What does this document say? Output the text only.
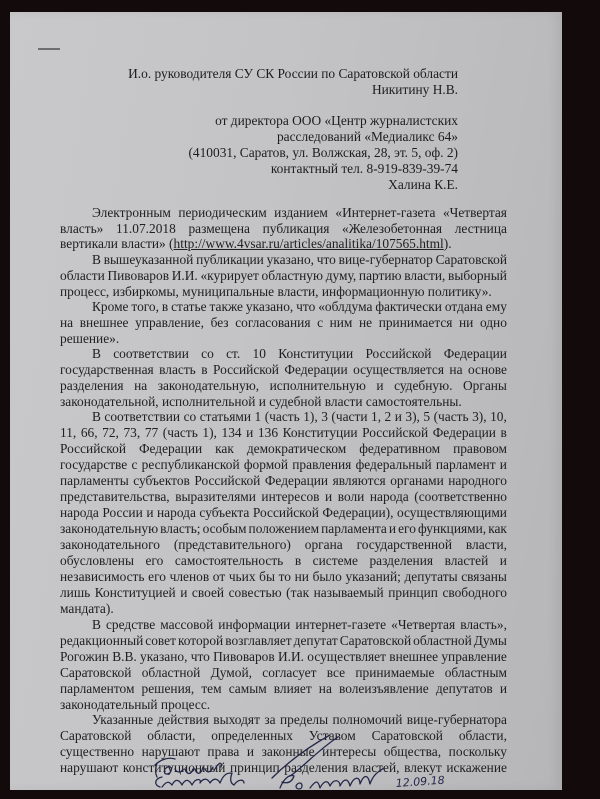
И.о. руководителя СУ СК России по Саратовской области
Никитину Н.В.
от директора ООО «Центр журналистских
расследований «Медиаликс 64»
(410031, Саратов, ул. Волжская, 28, эт. 5, оф. 2)
контактный тел. 8-919-839-39-74
Халина К.Е.
Электронным периодическим изданием «Интернет-газета «Четвертая
власть» 11.07.2018 размещена публикация «Железобетонная лестница
В вышеуказанной публикации указано, что вице-губернатор Саратовской
области Пивоваров И.И. «курирует областную думу, партию власти, выборный
процесс, избиркомы, муниципальные власти, информационную политику».
Кроме того, в статье также указано, что «облдума фактически отдана ему
на внешнее управление, без согласования с ним не принимается ни одно
решение».
В соответствии со ст. 10 Конституции Российской Федерации
государственная власть в Российской Федерации осуществляется на основе
разделения на законодательную, исполнительную и судебную. Органы
законодательной, исполнительной и судебной власти самостоятельны.
В соответствии со статьями 1 (часть 1), 3 (части 1, 2 и 3), 5 (часть 3), 10,
11, 66, 72, 73, 77 (часть 1), 134 и 136 Конституции Российской Федерации в
Российской Федерации как демократическом федеративном правовом
государстве с республиканской формой правления федеральный парламент и
парламенты субъектов Российской Федерации являются органами народного
представительства, выразителями интересов и воли народа (соответственно
народа России и народа субъекта Российской Федерации), осуществляющими
законодательную власть; особым положением парламента и его функциями, как
законодательного (представительного) органа государственной власти,
обусловлены его самостоятельность в системе разделения властей и
независимость его членов от чьих бы то ни было указаний; депутаты связаны
лишь Конституцией и своей совестью (так называемый принцип свободного
мандата).
В средстве массовой информации интернет-газете «Четвертая власть»,
редакционный совет которой возглавляет депутат Саратовской областной Думы
Рогожин В.В. указано, что Пивоваров И.И. осуществляет внешнее управление
Саратовской областной Думой, согласует все принимаемые областным
парламентом решения, тем самым влияет на волеизъявление депутатов и
законодательный процесс.
Указанные действия выходят за пределы полномочий вице-губернатора
Саратовской области, определенных Уставом Саратовской области,
существенно нарушают права и законные интересы общества, поскольку
нарушают конституционный принцип разделения властей, влекут искажение
вертикали власти» ( http://www.4vsar.ru/articles/analitika/107565.html ).
12.09.18
